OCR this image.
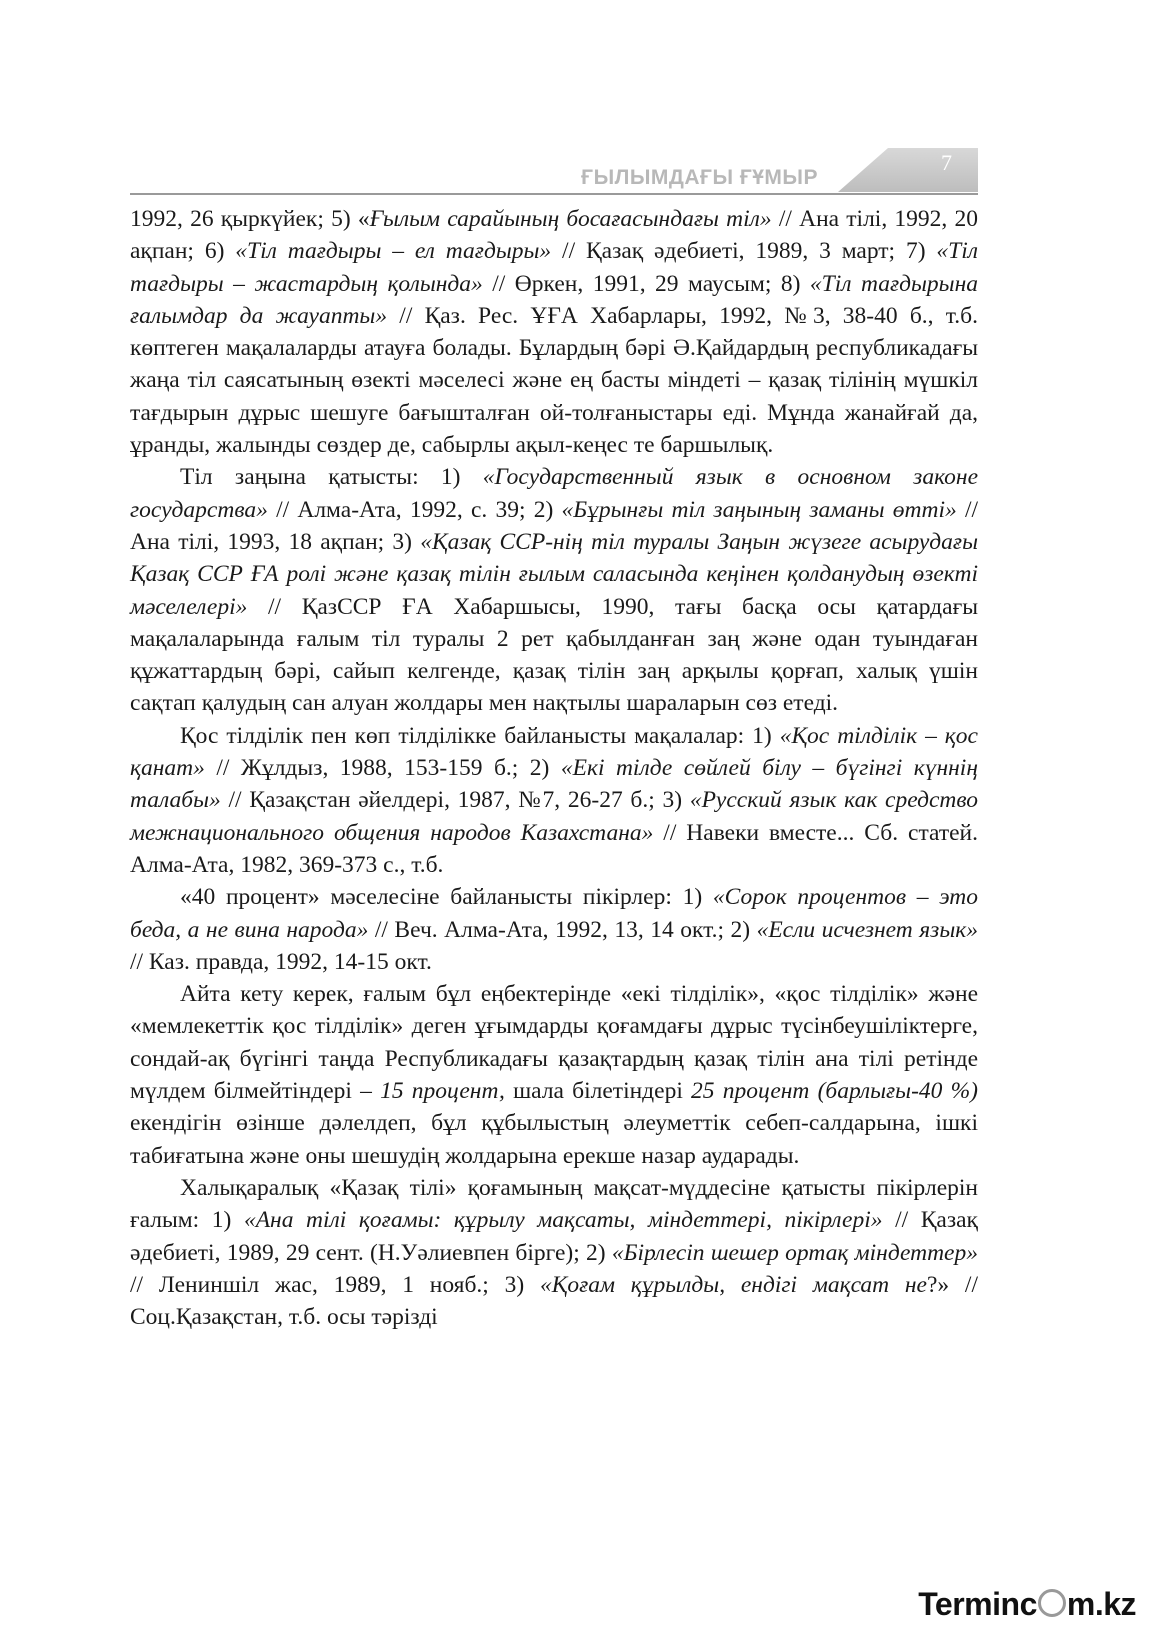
ҒЫЛЫМДАҒЫ ҒҰМЫР
7

1992, 26 қыркүйек; 5) «Ғылым сарайының босағасындағы тіл» // Ана тілі, 1992, 20 ақпан; 6) «Тіл тағдыры – ел тағдыры» // Қазақ әдебиеті, 1989, 3 март; 7) «Тіл тағдыры – жастардың қолында» // Өркен, 1991, 29 маусым; 8) «Тіл тағдырына ғалымдар да жауапты» // Қаз. Рес. ҰҒА Хабарлары, 1992, №3, 38-40 б., т.б. көптеген мақалаларды атауға болады. Бұлардың бәрі Ә.Қайдардың республикадағы жаңа тіл саясатының өзекті мәселесі және ең басты міндеті – қазақ тілінің мүшкіл тағдырын дұрыс шешуге бағышталған ой-толғаныстары еді. Мұнда жанайғай да, ұранды, жалынды сөздер де, сабырлы ақыл-кеңес те баршылық.

Тіл заңына қатысты: 1) «Государственный язык в основном законе государства» // Алма-Ата, 1992, с. 39; 2) «Бұрынғы тіл заңының заманы өтті» // Ана тілі, 1993, 18 ақпан; 3) «Қазақ ССР-нің тіл туралы Заңын жүзеге асырудағы Қазақ ССР ҒА ролі және қазақ тілін ғылым саласында кеңінен қолданудың өзекті мәселелері» // ҚазССР ҒА Хабаршысы, 1990, тағы басқа осы қатардағы мақалаларында ғалым тіл туралы 2 рет қабылданған заң және одан туындаған құжаттардың бәрі, сайып келгенде, қазақ тілін заң арқылы қорғап, халық үшін сақтап қалудың сан алуан жолдары мен нақтылы шараларын сөз етеді.

Қос тілділік пен көп тілділікке байланысты мақалалар: 1) «Қос тілділік – қос қанат» // Жұлдыз, 1988, 153-159 б.; 2) «Екі тілде сөйлей білу – бүгінгі күннің талабы» // Қазақстан әйелдері, 1987, №7, 26-27 б.; 3) «Русский язык как средство межнационального общения народов Казахстана» // Навеки вместе... Сб. статей. Алма-Ата, 1982, 369-373 с., т.б.

«40 процент» мәселесіне байланысты пікірлер: 1) «Сорок процентов – это беда, а не вина народа» // Веч. Алма-Ата, 1992, 13, 14 окт.; 2) «Если исчезнет язык» // Каз. правда, 1992, 14-15 окт.

Айта кету керек, ғалым бұл еңбектерінде «екі тілділік», «қос тілділік» және «мемлекеттік қос тілділік» деген ұғымдарды қоғамдағы дұрыс түсінбеушіліктерге, сондай-ақ бүгінгі таңда Республикадағы қазақтардың қазақ тілін ана тілі ретінде мүлдем білмейтіндері – 15 процент, шала білетіндері 25 процент (барлығы-40 %) екендігін өзінше дәлелдеп, бұл құбылыстың әлеуметтік себеп-салдарына, ішкі табиғатына және оны шешудің жолдарына ерекше назар аударады.

Халықаралық «Қазақ тілі» қоғамының мақсат-мүддесіне қатысты пікірлерін ғалым: 1) «Ана тілі қоғамы: құрылу мақсаты, міндеттері, пікірлері» // Қазақ әдебиеті, 1989, 29 сент. (Н.Уәлиевпен бірге); 2) «Бірлесіп шешер ортақ міндеттер» // Лениншіл жас, 1989, 1 нояб.; 3) «Қоғам құрылды, ендігі мақсат не?» // Соц.Қазақстан, т.б. осы тәрізді

Terminc m.kz
